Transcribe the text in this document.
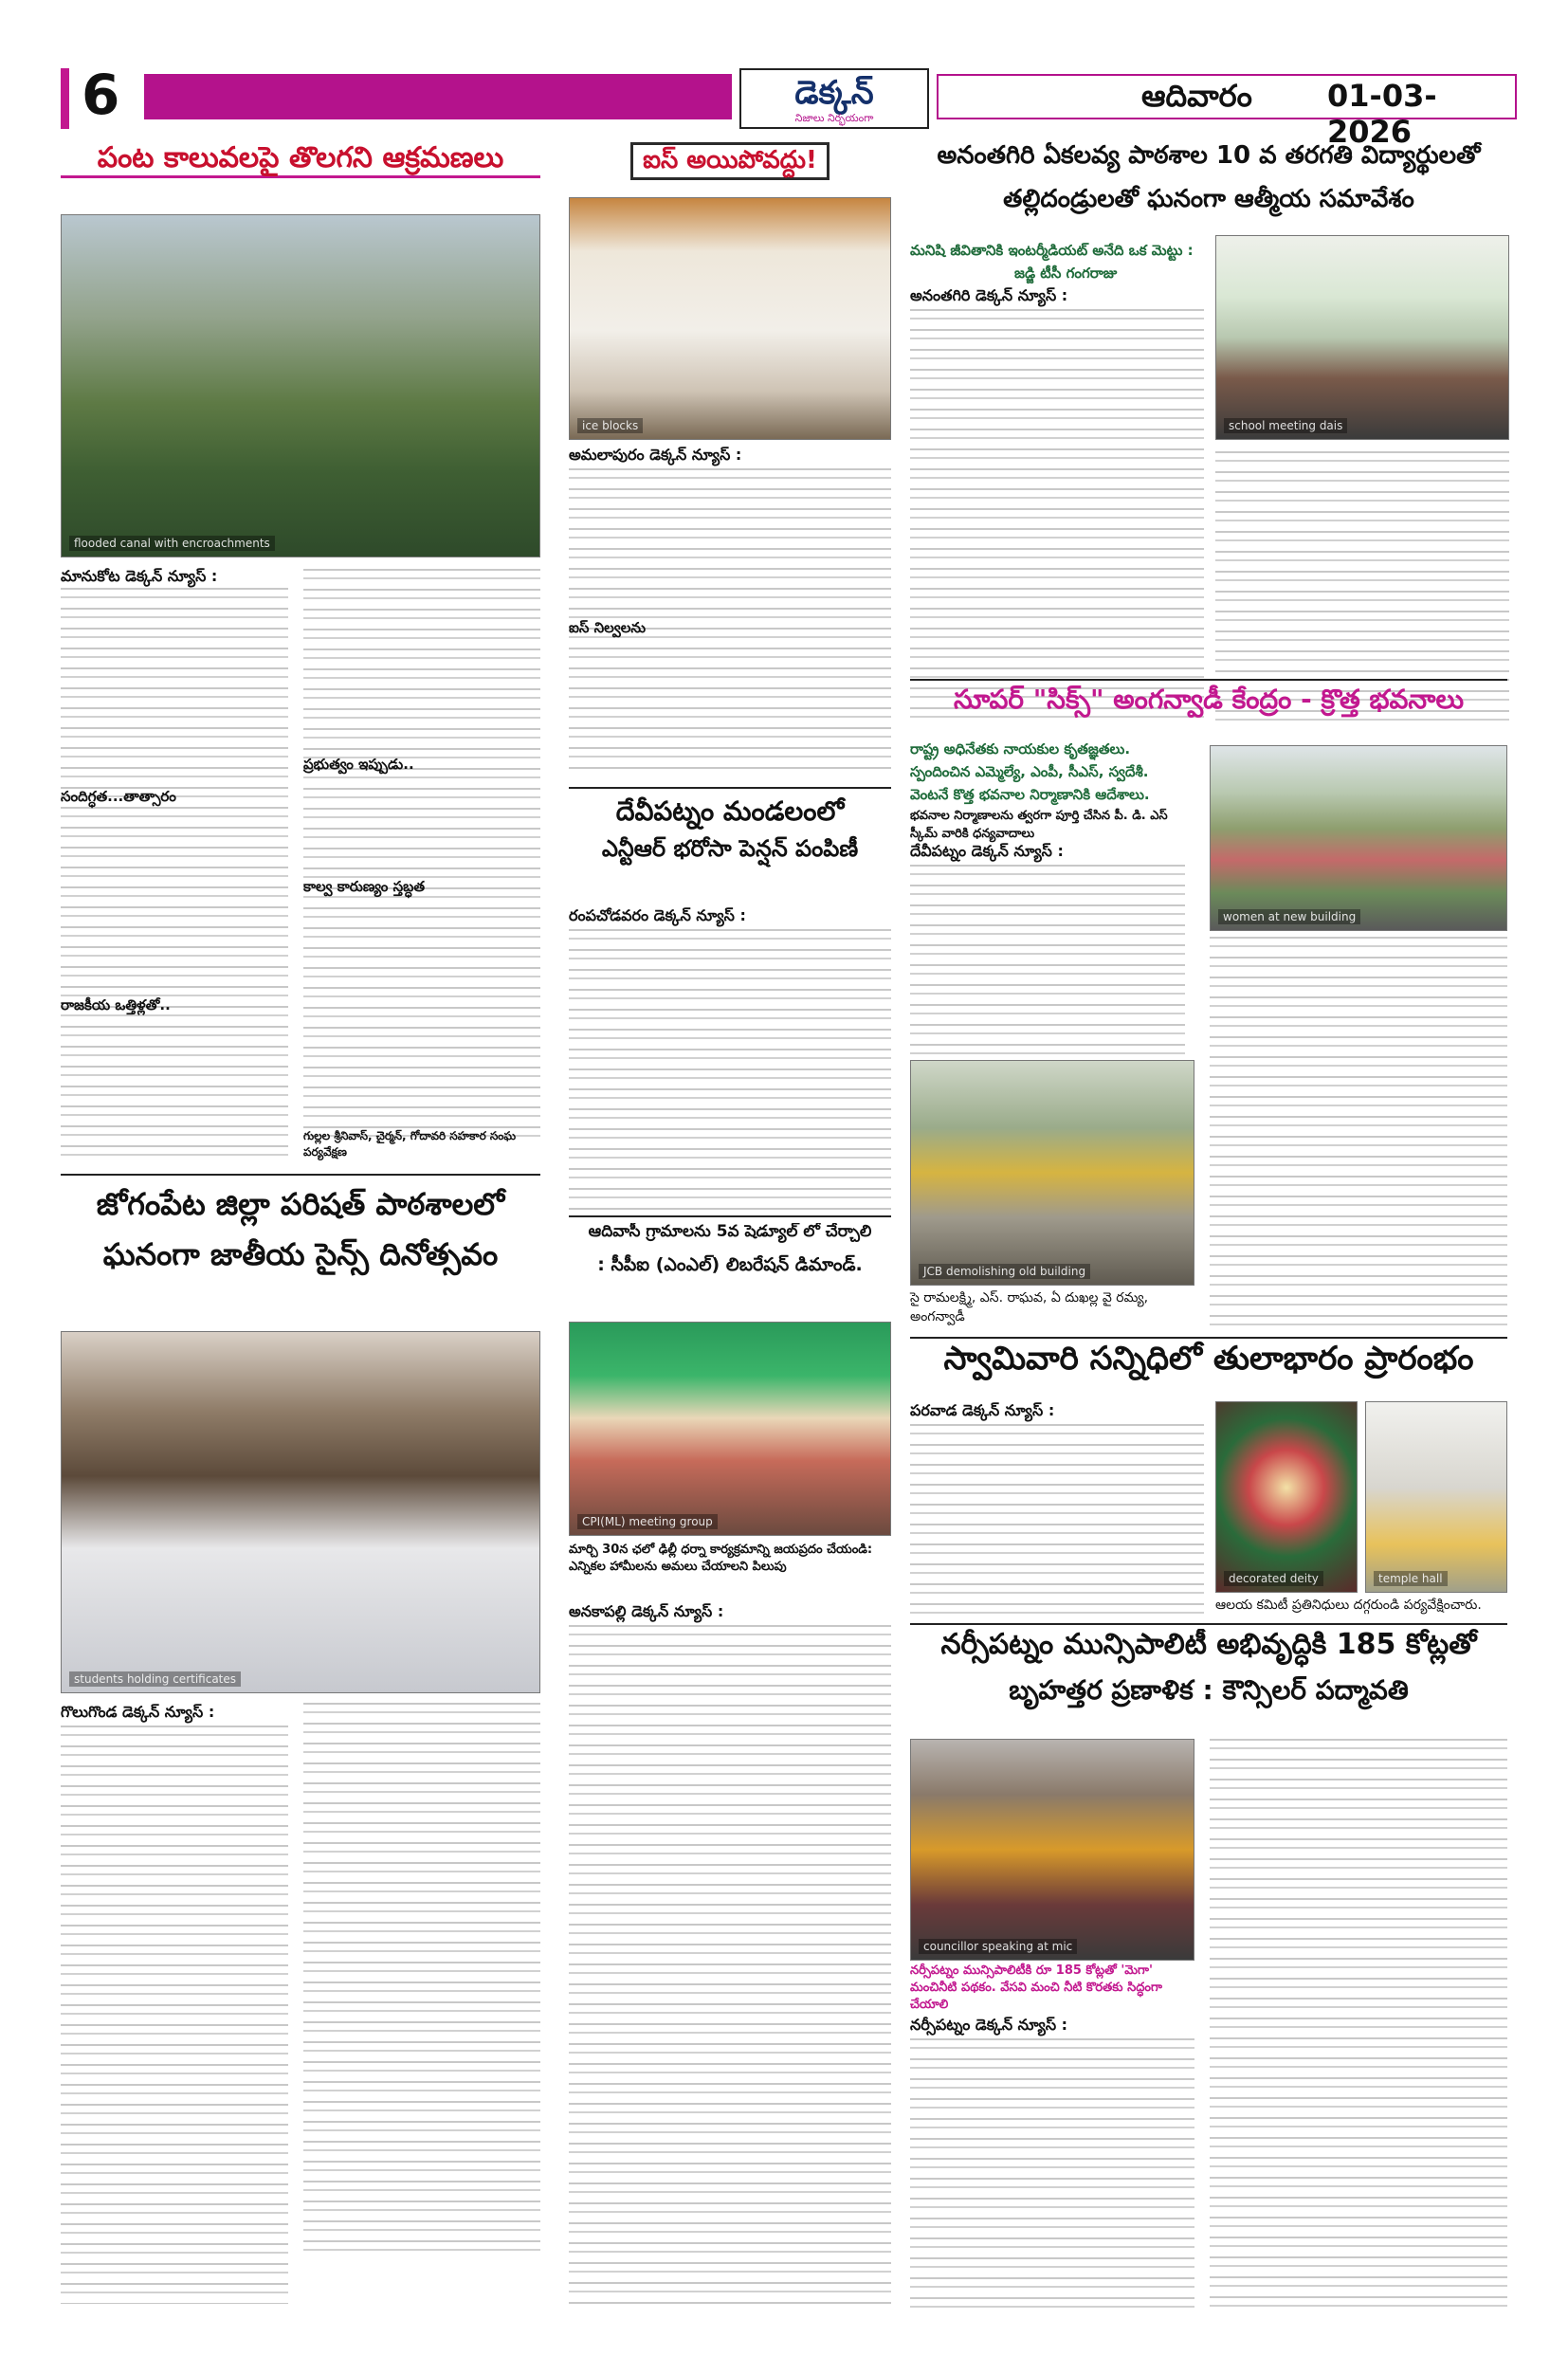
6	డెక్కన్
నిజాలు నిర్భయంగా
ఆదివారం 01-03-2026
పంట కాలువలపై తొలగని ఆక్రమణలు
flooded canal with encroachments
మానుకోట డెక్కన్ న్యూస్ :
సందిగ్ధత...తాత్సారం
రాజకీయ ఒత్తిళ్లతో..
ప్రభుత్వం ఇప్పుడు..
కాల్వ కారుణ్యం స్తబ్ధత
గుల్లల శ్రీనివాస్, చైర్మన్, గోదావరి సహకార సంఘ పర్యవేక్షణ
జోగంపేట జిల్లా పరిషత్ పాఠశాలలో
ఘనంగా జాతీయ సైన్స్ దినోత్సవం
students holding certificates
గొలుగొండ డెక్కన్ న్యూస్ :
ఐస్ అయిపోవద్దు!
ice blocks
అమలాపురం డెక్కన్ న్యూస్ :
ఐస్ నిల్వలను
దేవీపట్నం మండలంలో
ఎన్టీఆర్ భరోసా పెన్షన్ పంపిణీ
రంపచోడవరం డెక్కన్ న్యూస్ :
ఆదివాసీ గ్రామాలను 5వ షెడ్యూల్ లో చేర్చాలి
: సీపీఐ (ఎంఎల్) లిబరేషన్ డిమాండ్.
CPI(ML) meeting group
మార్చి 30న ఛలో ఢిల్లీ ధర్నా కార్యక్రమాన్ని జయప్రదం చేయండి: ఎన్నికల హామీలను అమలు చేయాలని పిలుపు
అనకాపల్లి డెక్కన్ న్యూస్ :
అనంతగిరి ఏకలవ్య పాఠశాల 10 వ తరగతి విద్యార్థులతో
తల్లిదండ్రులతో ఘనంగా ఆత్మీయ సమావేశం
మనిషి జీవితానికి ఇంటర్మీడియట్ అనేది ఒక మెట్టు :
జడ్జి టీసీ గంగరాజు
అనంతగిరి డెక్కన్ న్యూస్ :
school meeting dais
సూపర్ "సిక్స్" అంగన్వాడీ కేంద్రం - క్రొత్త భవనాలు
రాష్ట్ర అధినేతకు నాయకుల కృతజ్ఞతలు.
స్పందించిన ఎమ్మెల్యే, ఎంపీ, సీఎస్, స్వదేశీ.
వెంటనే కొత్త భవనాల నిర్మాణానికి ఆదేశాలు.
భవనాల నిర్మాణాలను త్వరగా పూర్తి చేసిన పీ. డి. ఎస్ స్కీమ్ వారికి ధన్యవాదాలు
దేవీపట్నం డెక్కన్ న్యూస్ :
women at new building
JCB demolishing old building
సై రామలక్ష్మి, ఎస్. రాఘవ, ఏ దుఖల్ల వై రమ్య, అంగన్వాడీ
స్వామివారి సన్నిధిలో తులాభారం ప్రారంభం
పరవాడ డెక్కన్ న్యూస్ :
decorated deity	temple hall
ఆలయ కమిటీ ప్రతినిధులు దగ్గరుండి పర్యవేక్షించారు.
నర్సీపట్నం మున్సిపాలిటీ అభివృద్ధికి 185 కోట్లతో
బృహత్తర ప్రణాళిక : కౌన్సిలర్ పద్మావతి
councillor speaking at mic
నర్సీపట్నం మున్సిపాలిటీకి రూ 185 కోట్లతో 'మెగా' మంచినీటి పథకం. వేసవి మంచి నీటి కొరతకు సిద్ధంగా చేయాలి
నర్సీపట్నం డెక్కన్ న్యూస్ :
